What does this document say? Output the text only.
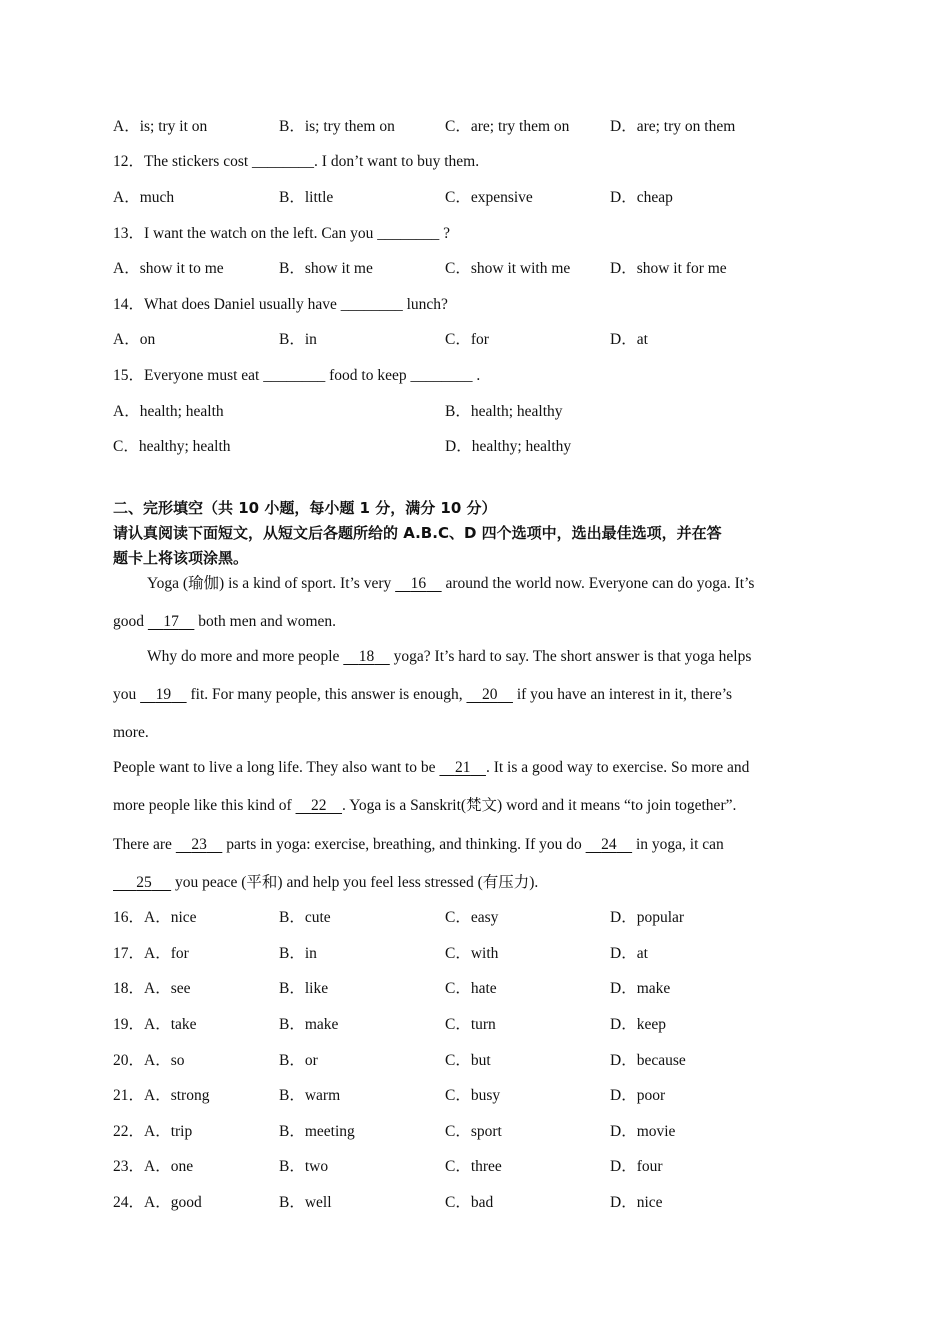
A．is; try it on	B．is; try them on	C．are; try them on	D．are; try on them
12．The stickers cost ________. I don’t want to buy them.
A．much	B．little	C．expensive	D．cheap
13．I want the watch on the left. Can you ________ ?
A．show it to me	B．show it me	C．show it with me	D．show it for me
14．What does Daniel usually have ________ lunch?
A．on	B．in	C．for	D．at
15．Everyone must eat ________ food to keep ________ .
A．health; health	B．health; healthy
C．healthy; health	D．healthy; healthy
二、完形填空（共 10 小题，每小题 1 分，满分 10 分）
请认真阅读下面短文，从短文后各题所给的 A.B.C、D 四个选项中，选出最佳选项，并在答
题卡上将该项涂黑。
Yoga (瑜伽) is a kind of sport. It’s very     16     around the world now. Everyone can do yoga. It’s
good     17     both men and women.
Why do more and more people     18     yoga? It’s hard to say. The short answer is that yoga helps
you     19     fit. For many people, this answer is enough,     20     if you have an interest in it, there’s
more.
People want to live a long life. They also want to be     21 . It is a good way to exercise. So more and
more people like this kind of     22 . Yoga is a Sanskrit(梵文) word and it means “to join together”.
There are     23     parts in yoga: exercise, breathing, and thinking. If you do     24     in yoga, it can
25      you peace (平和) and help you feel less stressed (有压力).
16．A．nice	B．cute	C．easy	D．popular
17．A．for	B．in	C．with	D．at
18．A．see	B．like	C．hate	D．make
19．A．take	B．make	C．turn	D．keep
20．A．so	B．or	C．but	D．because
21．A．strong	B．warm	C．busy	D．poor
22．A．trip	B．meeting	C．sport	D．movie
23．A．one	B．two	C．three	D．four
24．A．good	B．well	C．bad	D．nice
